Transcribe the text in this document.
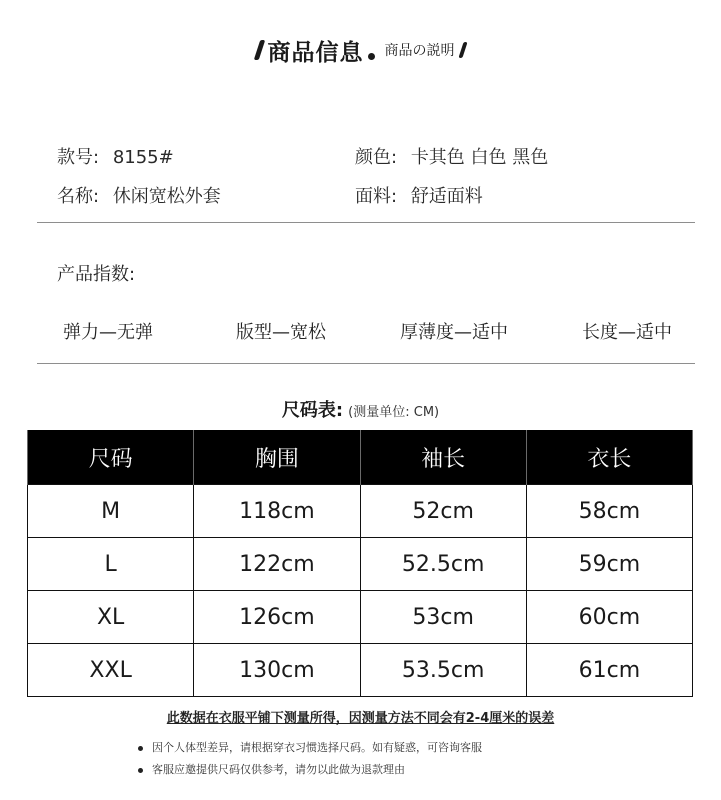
商品信息 商品の説明
款号: 8155#	颜色: 卡其色 白色 黑色
名称: 休闲宽松外套	面料: 舒适面料
产品指数:
弹力—无弹	版型—宽松	厚薄度—适中	长度—适中
尺码表: (测量单位: CM)
尺码	胸围	袖长	衣长
M	118cm	52cm	58cm
L	122cm	52.5cm	59cm
XL	126cm	53cm	60cm
XXL	130cm	53.5cm	61cm
此数据在衣服平铺下测量所得，因测量方法不同会有2-4厘米的误差
因个人体型差异，请根据穿衣习惯选择尺码。如有疑惑，可咨询客服
客服应邀提供尺码仅供参考，请勿以此做为退款理由
